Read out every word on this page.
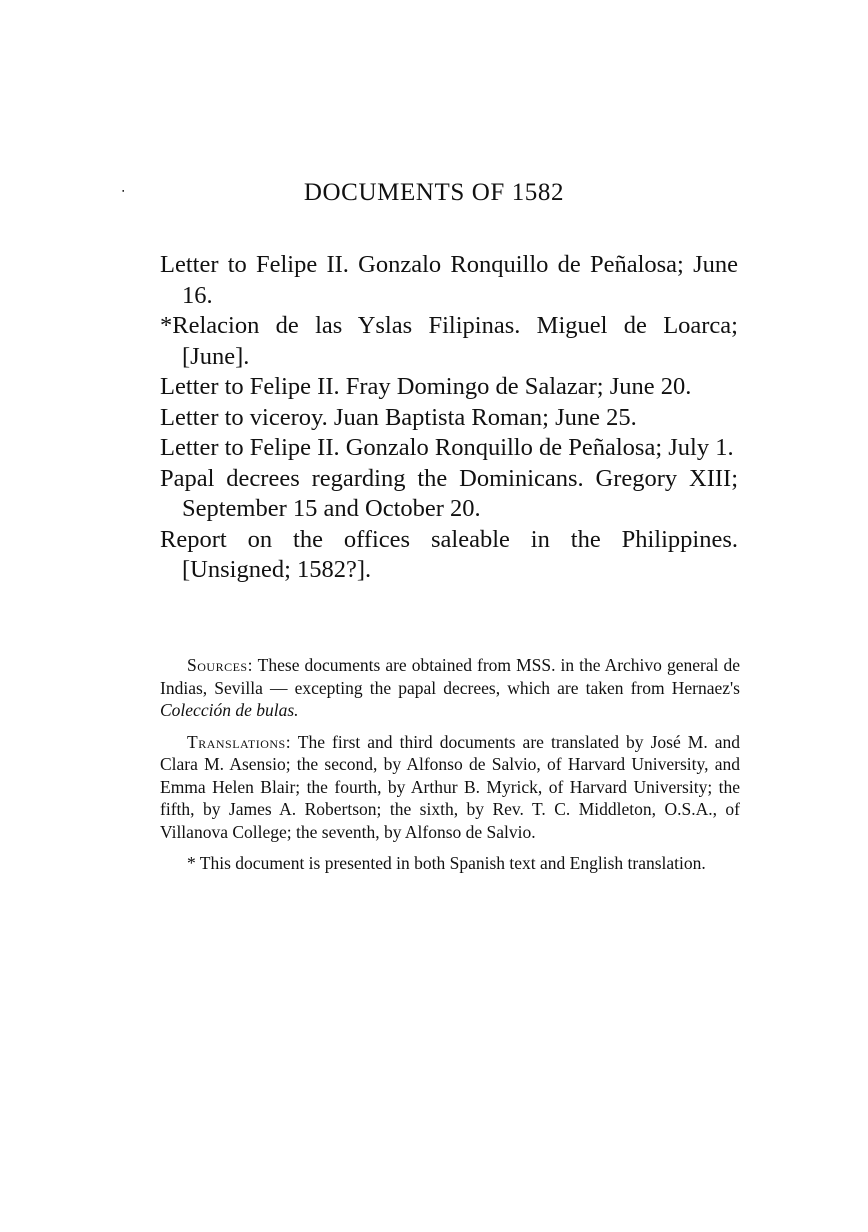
‧	DOCUMENTS OF 1582

Letter to Felipe II. Gonzalo Ronquillo de Peñalosa; June 16.

*Relacion de las Yslas Filipinas. Miguel de Loarca; [June].

Letter to Felipe II. Fray Domingo de Salazar; June 20.

Letter to viceroy. Juan Baptista Roman; June 25.

Letter to Felipe II. Gonzalo Ronquillo de Peñalosa; July 1.

Papal decrees regarding the Dominicans. Gregory XIII; September 15 and October 20.

Report on the offices saleable in the Philippines. [Unsigned; 1582?].

Sources: These documents are obtained from MSS. in the Archivo general de Indias, Sevilla — excepting the papal decrees, which are taken from Hernaez's Colección de bulas.

Translations: The first and third documents are translated by José M. and Clara M. Asensio; the second, by Alfonso de Salvio, of Harvard University, and Emma Helen Blair; the fourth, by Arthur B. Myrick, of Harvard University; the fifth, by James A. Robertson; the sixth, by Rev. T. C. Middleton, O.S.A., of Villanova College; the seventh, by Alfonso de Salvio.

* This document is presented in both Spanish text and English translation.
